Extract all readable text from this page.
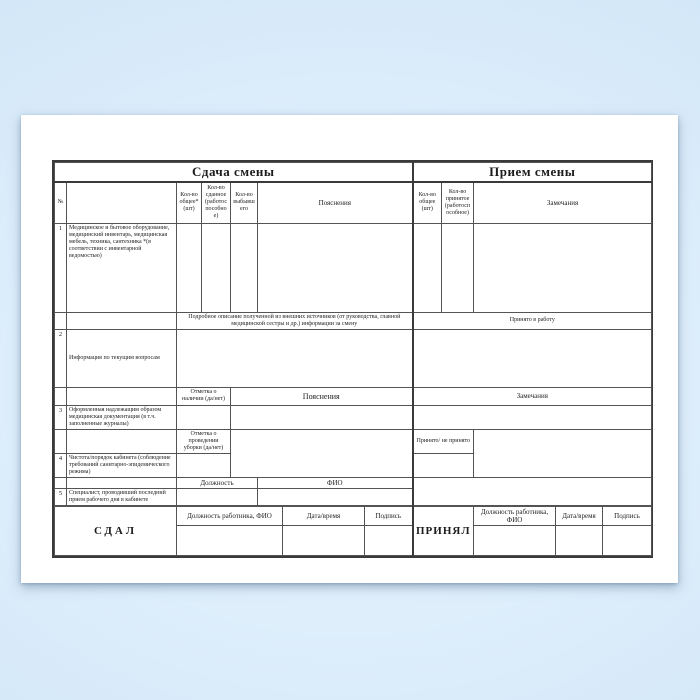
Сдача смены						Прием смены		
№		Кол-во общее* (шт)	Кол-во сданное (работоспособное)	Кол-во выбывшего	Пояснения	Кол-во общее (шт)	Кол-во принятое (работоспособное)	Замечания
1	Медицинское и бытовое оборудование, медицинский инвентарь, медицинская мебель, техника, сантехника *(в соответствии с инвентарной ведомостью)							
		Подробное описание полученной из внешних источников (от руководства, главной медицинской сестры и др.) информации за смену				Принято в работу		
2	Информация по текущим вопросам							
		Отметка о наличии (да/нет)		Пояснения		Замечания		
3	Оформленная надлежащим образом медицинская документация (в т.ч. заполненные журналы)							
		Отметка о проведении уборки (да/нет)				Принято/ не принято		
4	Чистота/порядок кабинета (соблюдение требований санитарно-эпидемического режима)							
		Должность			ФИО			
5	Специалист, проводивший последний прием рабочего дня в кабинете							
СДАЛ	Должность работника, ФИО	Дата/время	Подпись	ПРИНЯЛ	Должность работника, ФИО	Дата/время	Подпись
